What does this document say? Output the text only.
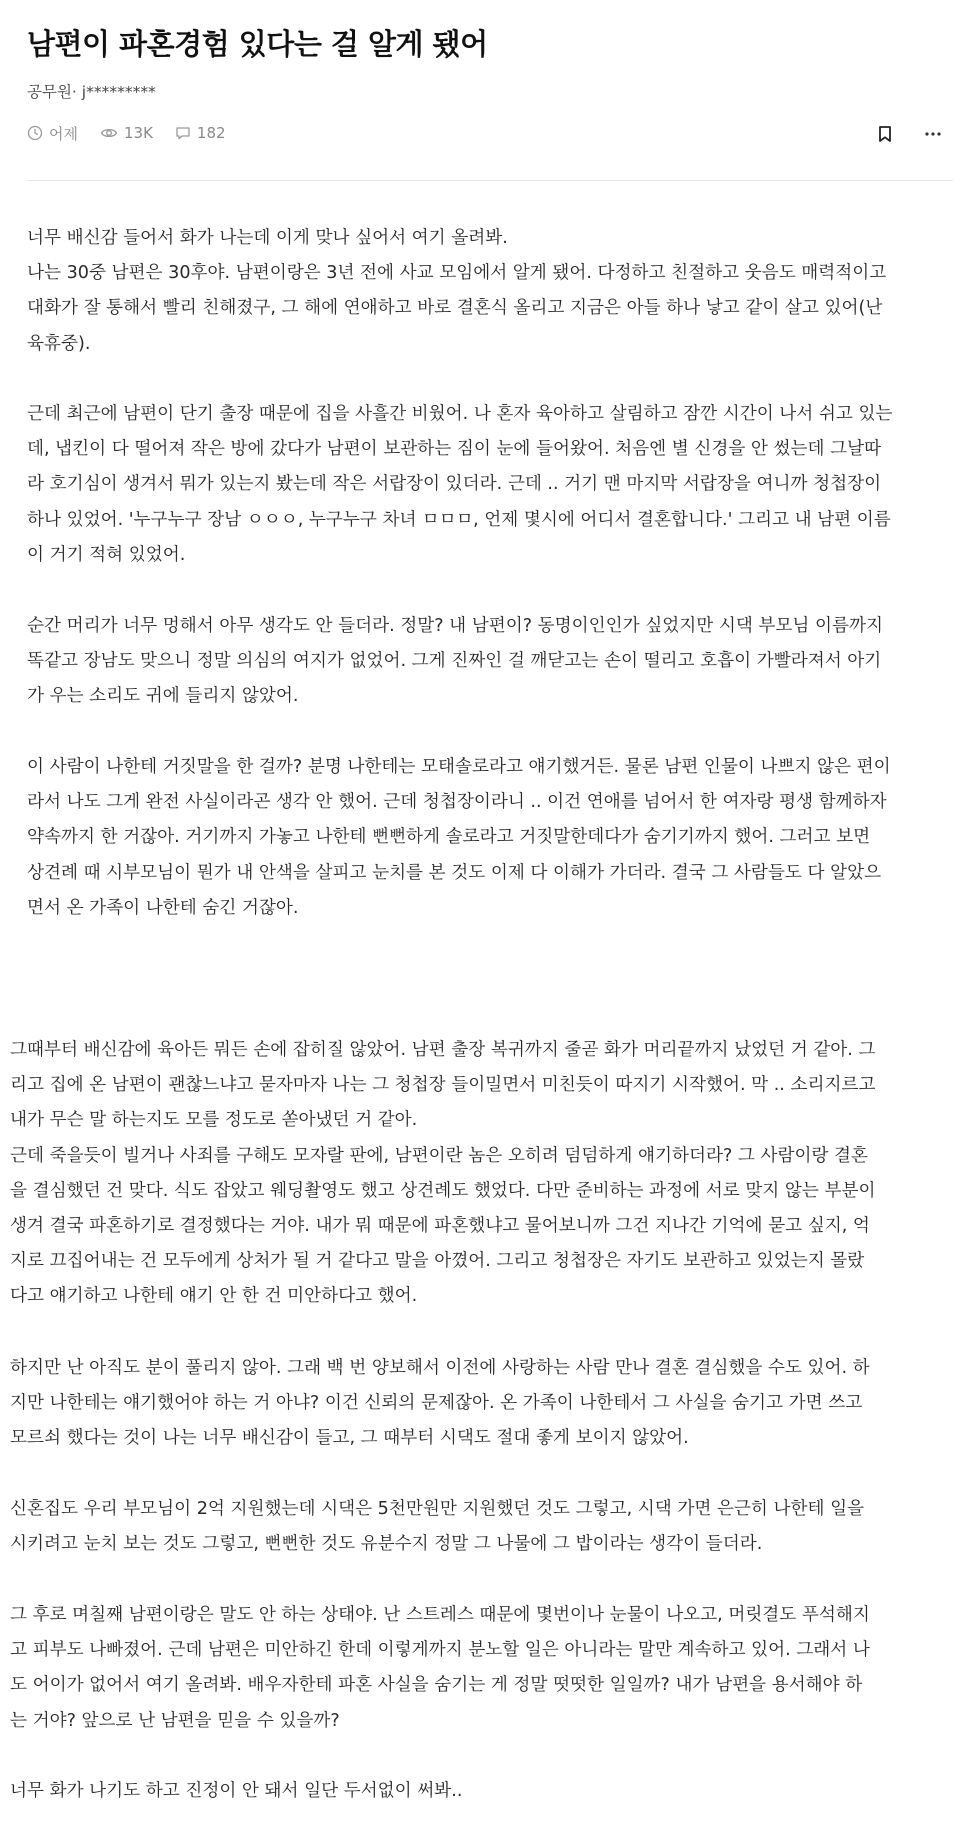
남편이 파혼경험 있다는 걸 알게 됐어
공무원· j*********
어제	13K	182

너무 배신감 들어서 화가 나는데 이게 맞나 싶어서 여기 올려봐.
나는 30중 남편은 30후야. 남편이랑은 3년 전에 사교 모임에서 알게 됐어. 다정하고 친절하고 웃음도 매력적이고
대화가 잘 통해서 빨리 친해졌구, 그 해에 연애하고 바로 결혼식 올리고 지금은 아들 하나 낳고 같이 살고 있어(난
육휴중).

근데 최근에 남편이 단기 출장 때문에 집을 사흘간 비웠어. 나 혼자 육아하고 살림하고 잠깐 시간이 나서 쉬고 있는
데, 냅킨이 다 떨어져 작은 방에 갔다가 남편이 보관하는 짐이 눈에 들어왔어. 처음엔 별 신경을 안 썼는데 그날따
라 호기심이 생겨서 뭐가 있는지 봤는데 작은 서랍장이 있더라. 근데 .. 거기 맨 마지막 서랍장을 여니까 청첩장이
하나 있었어. '누구누구 장남 ㅇㅇㅇ, 누구누구 차녀 ㅁㅁㅁ, 언제 몇시에 어디서 결혼합니다.' 그리고 내 남편 이름
이 거기 적혀 있었어.

순간 머리가 너무 멍해서 아무 생각도 안 들더라. 정말? 내 남편이? 동명이인인가 싶었지만 시댁 부모님 이름까지
똑같고 장남도 맞으니 정말 의심의 여지가 없었어. 그게 진짜인 걸 깨닫고는 손이 떨리고 호흡이 가빨라져서 아기
가 우는 소리도 귀에 들리지 않았어.

이 사람이 나한테 거짓말을 한 걸까? 분명 나한테는 모태솔로라고 얘기했거든. 물론 남편 인물이 나쁘지 않은 편이
라서 나도 그게 완전 사실이라곤 생각 안 했어. 근데 청첩장이라니 .. 이건 연애를 넘어서 한 여자랑 평생 함께하자
약속까지 한 거잖아. 거기까지 가놓고 나한테 뻔뻔하게 솔로라고 거짓말한데다가 숨기기까지 했어. 그러고 보면
상견례 때 시부모님이 뭔가 내 안색을 살피고 눈치를 본 것도 이제 다 이해가 가더라. 결국 그 사람들도 다 알았으
면서 온 가족이 나한테 숨긴 거잖아.

그때부터 배신감에 육아든 뭐든 손에 잡히질 않았어. 남편 출장 복귀까지 줄곧 화가 머리끝까지 났었던 거 같아. 그
리고 집에 온 남편이 괜찮느냐고 묻자마자 나는 그 청첩장 들이밀면서 미친듯이 따지기 시작했어. 막 .. 소리지르고
내가 무슨 말 하는지도 모를 정도로 쏟아냈던 거 같아.
근데 죽을듯이 빌거나 사죄를 구해도 모자랄 판에, 남편이란 놈은 오히려 덤덤하게 얘기하더라? 그 사람이랑 결혼
을 결심했던 건 맞다. 식도 잡았고 웨딩촬영도 했고 상견례도 했었다. 다만 준비하는 과정에 서로 맞지 않는 부분이
생겨 결국 파혼하기로 결정했다는 거야. 내가 뭐 때문에 파혼했냐고 물어보니까 그건 지나간 기억에 묻고 싶지, 억
지로 끄집어내는 건 모두에게 상처가 될 거 같다고 말을 아꼈어. 그리고 청첩장은 자기도 보관하고 있었는지 몰랐
다고 얘기하고 나한테 얘기 안 한 건 미안하다고 했어.

하지만 난 아직도 분이 풀리지 않아. 그래 백 번 양보해서 이전에 사랑하는 사람 만나 결혼 결심했을 수도 있어. 하
지만 나한테는 얘기했어야 하는 거 아냐? 이건 신뢰의 문제잖아. 온 가족이 나한테서 그 사실을 숨기고 가면 쓰고
모르쇠 했다는 것이 나는 너무 배신감이 들고, 그 때부터 시댁도 절대 좋게 보이지 않았어.

신혼집도 우리 부모님이 2억 지원했는데 시댁은 5천만원만 지원했던 것도 그렇고, 시댁 가면 은근히 나한테 일을
시키려고 눈치 보는 것도 그렇고, 뻔뻔한 것도 유분수지 정말 그 나물에 그 밥이라는 생각이 들더라.

그 후로 며칠째 남편이랑은 말도 안 하는 상태야. 난 스트레스 때문에 몇번이나 눈물이 나오고, 머릿결도 푸석해지
고 피부도 나빠졌어. 근데 남편은 미안하긴 한데 이렇게까지 분노할 일은 아니라는 말만 계속하고 있어. 그래서 나
도 어이가 없어서 여기 올려봐. 배우자한테 파혼 사실을 숨기는 게 정말 떳떳한 일일까? 내가 남편을 용서해야 하
는 거야? 앞으로 난 남편을 믿을 수 있을까?

너무 화가 나기도 하고 진정이 안 돼서 일단 두서없이 써봐..
